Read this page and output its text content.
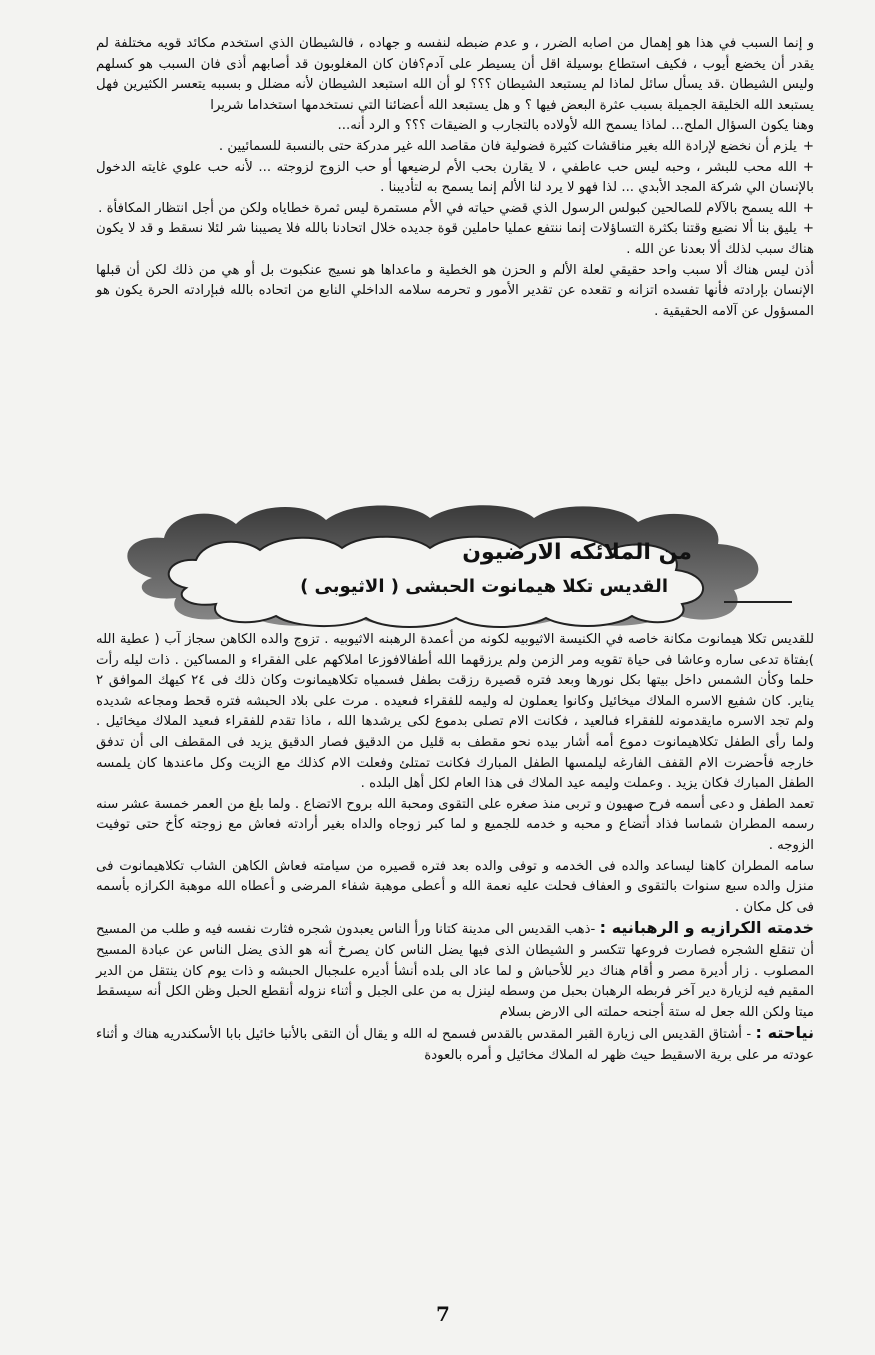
و إنما السبب في هذا هو إهمال من اصابه الضرر ، و عدم ضبطه لنفسه و جهاده ، فالشيطان الذي استخدم مكائد قويه مختلفة لم يقدر أن يخضع أيوب ، فكيف استطاع بوسيلة اقل أن يسيطر على آدم؟فان كان المغلوبون قد أصابهم أذى فان السبب هو كسلهم وليس الشيطان .قد يسأل سائل لماذا لم يستبعد الشيطان ؟؟؟ لو أن الله استبعد الشيطان لأنه مضلل و بسببه يتعسر الكثيرين فهل يستبعد الله الخليقة الجميلة بسبب عثرة البعض فيها ؟ و هل يستبعد الله أعضائنا التي نستخدمها استخداما شريرا

وهنا يكون السؤال الملح... لماذا يسمح الله لأولاده بالتجارب و الضيقات ؟؟؟ و الرد أنه...

+يلزم أن نخضع لإرادة الله بغير مناقشات كثيرة فضولية فان مقاصد الله غير مدركة حتى بالنسبة للسمائيين .

+الله محب للبشر ، وحبه ليس حب عاطفي ، لا يقارن بحب الأم لرضيعها أو حب الزوج لزوجته ... لأنه حب علوي غايته الدخول بالإنسان الي شركة المجد الأبدي ... لذا فهو لا يرد لنا الألم إنما يسمح به لتأديبنا .

+الله يسمح بالآلام للصالحين كبولس الرسول الذي قضي حياته في الأم مستمرة ليس ثمرة خطاياه ولكن من أجل انتظار المكافأة .

+يليق بنا ألا نضيع وقتنا بكثرة التساؤلات إنما ننتفع عمليا حاملين قوة جديده خلال اتحادنا بالله فلا يصيبنا شر لئلا نسقط و قد لا يكون هناك سبب لذلك ألا بعدنا عن الله .

أذن ليس هناك ألا سبب واحد حقيقي لعلة الألم و الحزن هو الخطية و ماعداها هو نسيج عنكبوت بل أو هي من ذلك لكن أن قبلها الإنسان بإرادته فأنها تفسده اتزانه و تقعده عن تقدير الأمور و تحرمه سلامه الداخلي النابع من اتحاده بالله فبإرادته الحرة يكون هو المسؤول عن آلامه الحقيقية .

من الملائكه الارضيون
القديس تكلا هيمانوت الحبشى ( الاثيوبى )

للقديس تكلا هيمانوت مكانة خاصه في الكنيسة الاثيوبيه لكونه من أعمدة الرهبنه الاثيوبيه . تزوج والده الكاهن سجاز آب ( عطية الله )بفتاة تدعى ساره وعاشا فى حياة تقويه ومر الزمن ولم يرزقهما الله أطفالافوزعا املاكهم على الفقراء و المساكين . ذات ليله رأت حلما وكأن الشمس داخل بيتها بكل نورها وبعد فتره قصيرة رزقت بطفل فسمياه تكلاهيمانوت وكان ذلك فى ٢٤ كيهك الموافق ٢ يناير. كان شفيع الاسره الملاك ميخائيل وكانوا يعملون له وليمه للفقراء فىعيده . مرت على بلاد الحبشه فتره قحط ومجاعه شديده ولم تجد الاسره مايقدمونه للفقراء فىالعيد ، فكانت الام تصلى بدموع لكى يرشدها الله ، ماذا تقدم للفقراء فىعيد الملاك ميخائيل . ولما رأى الطفل تكلاهيمانوت دموع أمه أشار بيده نحو مقطف به قليل من الدقيق فصار الدقيق يزيد فى المقطف الى أن تدفق خارجه فأحضرت الام القفف الفارغه ليلمسها الطفل المبارك فكانت تمتلئ وفعلت الام كذلك مع الزيت وكل ماعندها كان يلمسه الطفل المبارك فكان يزيد . وعملت وليمه عيد الملاك فى هذا العام لكل أهل البلده .

تعمد الطفل و دعى أسمه فرح صهيون و تربى منذ صغره على التقوى ومحبة الله بروح الاتضاع . ولما بلغ من العمر خمسة عشر سنه رسمه المطران شماسا فذاد أتضاع و محبه و خدمه للجميع و لما كبر زوجاه والداه بغير أرادته فعاش مع زوجته كأخ حتى توفيت الزوجه .

سامه المطران كاهنا ليساعد والده فى الخدمه و توفى والده بعد فتره قصيره من سيامته فعاش الكاهن الشاب تكلاهيمانوت فى منزل والده سبع سنوات بالتقوى و العفاف فحلت عليه نعمة الله و أعطى موهبة شفاء المرضى و أعطاه الله موهبة الكرازه بأسمه فى كل مكان .

خدمته الكرازيه و الرهبانيه : -ذهب القديس الى مدينة كتانا ورأ الناس يعبدون شجره فثارت نفسه فيه و طلب من المسيح أن تنقلع الشجره فصارت فروعها تتكسر و الشيطان الذى فيها يضل الناس كان يصرخ أنه هو الذى يضل الناس عن عبادة المسيح المصلوب . زار أديرة مصر و أقام هناك دير للأحباش و لما عاد الى بلده أنشأ أديره علىجبال الحبشه و ذات يوم كان ينتقل من الدير المقيم فيه لزيارة دير آخر فربطه الرهبان بحبل من وسطه لينزل به من على الجبل و أثناء نزوله أنقطع الحبل وظن الكل أنه سيسقط ميتا ولكن الله جعل له ستة أجنحه حملته الى الارض بسلام

نياحته : - أشتاق القديس الى زيارة القبر المقدس بالقدس فسمح له الله و يقال أن التقى بالأنبا خائيل بابا الأسكندريه هناك و أثناء عودته مر على برية الاسقيط حيث ظهر له الملاك مخائيل و أمره بالعودة

7
